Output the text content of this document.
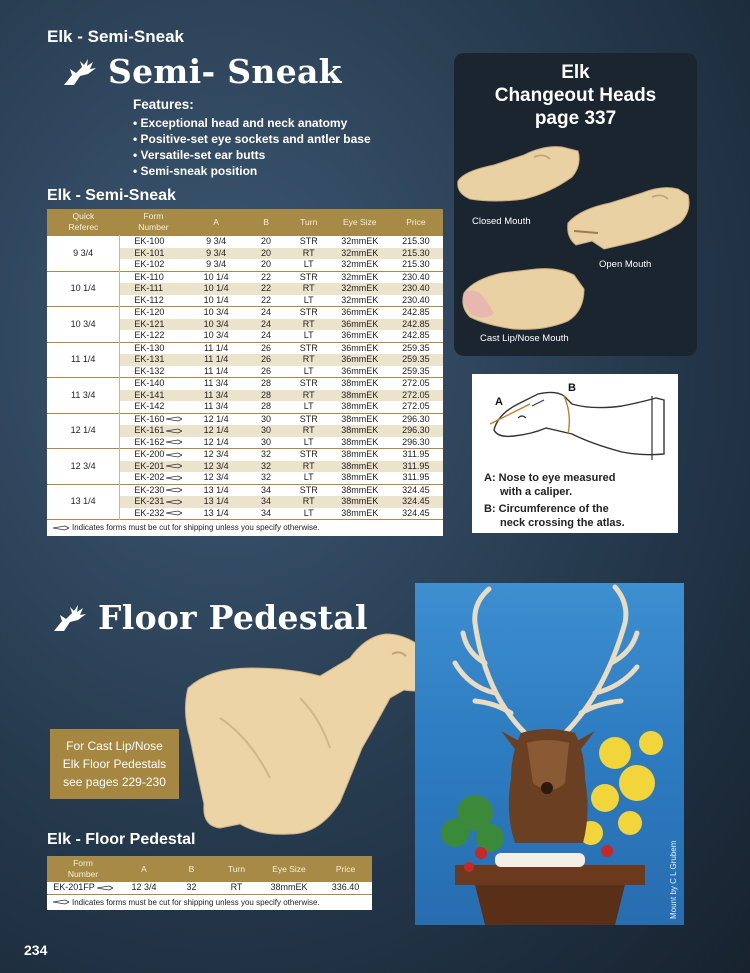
Elk - Semi-Sneak
Semi- Sneak
Features:
• Exceptional head and neck anatomy
• Positive-set eye sockets and antler base
• Versatile-set ear butts
• Semi-sneak position
Elk - Semi-Sneak
Quick
Referec	Form
Number	A	B	Turn	Eye Size	Price
9 3/4	EK-100	9 3/4	20	STR	32mmEK	215.30
	EK-101	9 3/4	20	RT	32mmEK	215.30
	EK-102	9 3/4	20	LT	32mmEK	215.30
10 1/4	EK-110	10 1/4	22	STR	32mmEK	230.40
	EK-111	10 1/4	22	RT	32mmEK	230.40
	EK-112	10 1/4	22	LT	32mmEK	230.40
10 3/4	EK-120	10 3/4	24	STR	36mmEK	242.85
	EK-121	10 3/4	24	RT	36mmEK	242.85
	EK-122	10 3/4	24	LT	36mmEK	242.85
11 1/4	EK-130	11 1/4	26	STR	36mmEK	259.35
	EK-131	11 1/4	26	RT	36mmEK	259.35
	EK-132	11 1/4	26	LT	36mmEK	259.35
11 3/4	EK-140	11 3/4	28	STR	38mmEK	272.05
	EK-141	11 3/4	28	RT	38mmEK	272.05
	EK-142	11 3/4	28	LT	38mmEK	272.05
12 1/4	EK-160	12 1/4	30	STR	38mmEK	296.30
	EK-161	12 1/4	30	RT	38mmEK	296.30
	EK-162	12 1/4	30	LT	38mmEK	296.30
12 3/4	EK-200	12 3/4	32	STR	38mmEK	311.95
	EK-201	12 3/4	32	RT	38mmEK	311.95
	EK-202	12 3/4	32	LT	38mmEK	311.95
13 1/4	EK-230	13 1/4	34	STR	38mmEK	324.45
	EK-231	13 1/4	34	RT	38mmEK	324.45
	EK-232	13 1/4	34	LT	38mmEK	324.45
Indicates forms must be cut for shipping unless you specify otherwise.						
Elk
Changeout Heads
page 337
Closed Mouth
Open Mouth
Cast Lip/Nose Mouth
A
B
A: Nose to eye measured
with a caliper.
B: Circumference of the
neck crossing the atlas.
Floor Pedestal
For Cast Lip/Nose
Elk Floor Pedestals
see pages 229-230
Mount by C L Grubem
Elk - Floor Pedestal
Form
Number	A	B	Turn	Eye Size	Price
EK-201FP	12 3/4	32	RT	38mmEK	336.40
Indicates forms must be cut for shipping unless you specify otherwise.					
234
